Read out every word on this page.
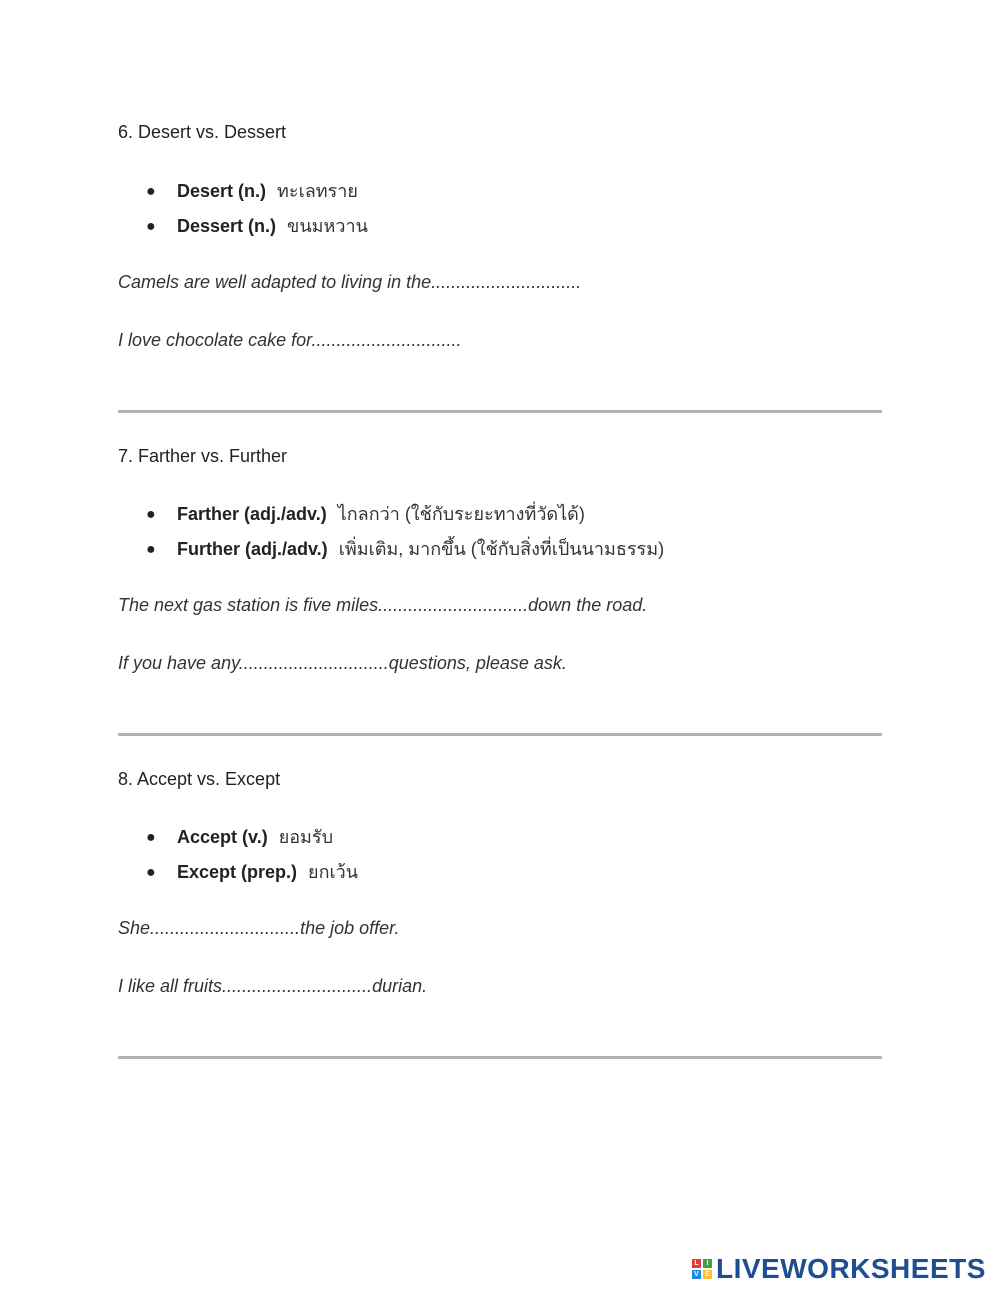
6. Desert vs. Dessert
● Desert (n.) ทะเลทราย
● Dessert (n.) ขนมหวาน
Camels are well adapted to living in the..............................
I love chocolate cake for..............................
7. Farther vs. Further
● Farther (adj./adv.) ไกลกว่า (ใช้กับระยะทางที่วัดได้)
● Further (adj./adv.) เพิ่มเติม, มากขึ้น (ใช้กับสิ่งที่เป็นนามธรรม)
The next gas station is five miles..............................down the road.
If you have any..............................questions, please ask.
8. Accept vs. Except
● Accept (v.) ยอมรับ
● Except (prep.) ยกเว้น
She..............................the job offer.
I like all fruits..............................durian.
L	I
V E LIVEWORKSHEETS
